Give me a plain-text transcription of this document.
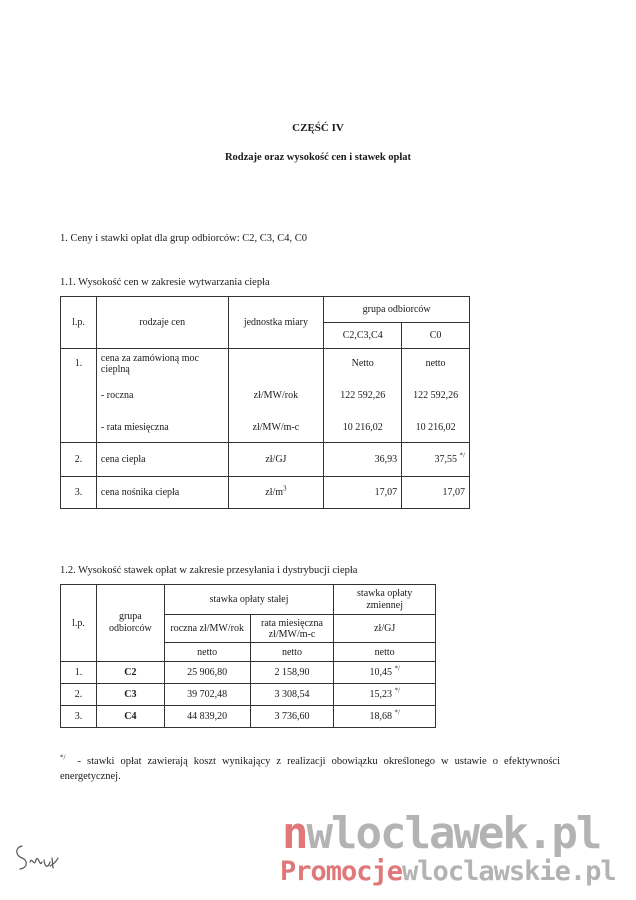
CZĘŚĆ IV
Rodzaje oraz wysokość cen i stawek opłat
1. Ceny i stawki opłat dla grup odbiorców: C2, C3, C4, C0
1.1. Wysokość cen w zakresie wytwarzania ciepła
l.p.	rodzaje cen	jednostka miary	grupa odbiorców	
			C2,C3,C4	C0
1.	cena za zamówioną moc cieplną		Netto	netto
	- roczna	zł/MW/rok	122 592,26	122 592,26
	- rata miesięczna	zł/MW/m-c	10 216,02	10 216,02
2.	cena ciepła	zł/GJ	36,93	37,55 */
3.	cena nośnika ciepła	$zł/m^3$	17,07	17,07
1.2. Wysokość stawek opłat w zakresie przesyłania i dystrybucji ciepła
l.p.	grupa odbiorców	stawka opłaty stałej		stawka opłaty zmiennej
		roczna zł/MW/rok	rata miesięczna zł/MW/m-c	zł/GJ
		netto	netto	netto
1.	C2	25 906,80	2 158,90	10,45 */
2.	C3	39 702,48	3 308,54	15,23 */
3.	C4	44 839,20	3 736,60	18,68 */
*/ - stawki opłat zawierają koszt wynikający z realizacji obowiązku określonego w ustawie o efektywności energetycznej.
nwloclawek.pl
Promocjewloclawskie.pl
